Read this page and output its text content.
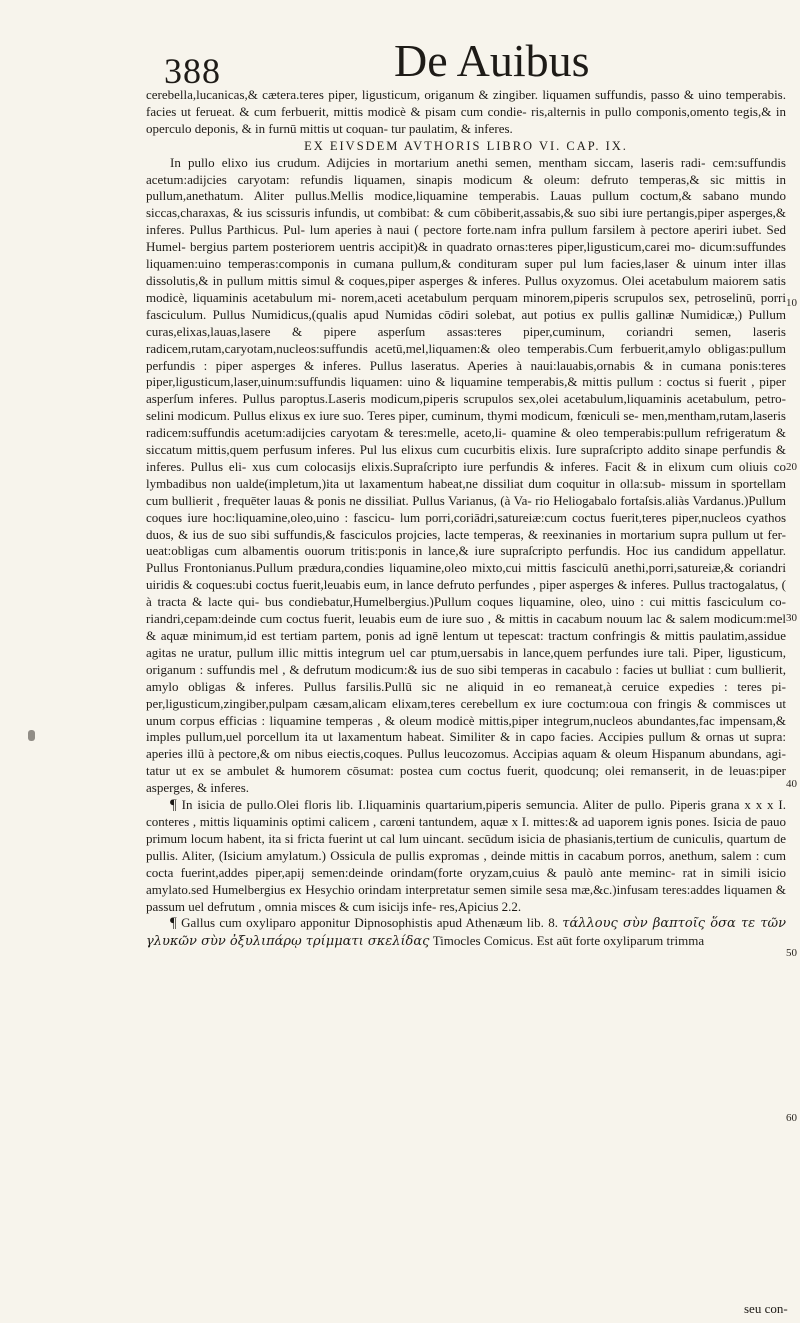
388	De Auibus

cerebella,lucanicas,& cætera.teres piper, ligusticum, origanum & zingiber. liquamen suffundis, passo & uino temperabis. facies ut ferueat. & cum ferbuerit, mittis modicè & pisam cum condie- ris,alternis in pullo componis,omento tegis,& in operculo deponis, & in furnū mittis ut coquan- tur paulatim, & inferes.

EX EIVSDEM AVTHORIS LIBRO VI. CAP. IX.

In pullo elixo ius crudum. Adijcies in mortarium anethi semen, mentham siccam, laseris radi- cem:suffundis acetum:adijcies caryotam: refundis liquamen, sinapis modicum & oleum: defruto temperas,& sic mittis in pullum,anethatum. Aliter pullus.Mellis modice,liquamine temperabis. Lauas pullum coctum,& sabano mundo siccas,charaxas, & ius scissuris infundis, ut combibat: & cum cōbiberit,assabis,& suo sibi iure pertangis,piper asperges,& inferes. Pullus Parthicus. Pul- lum aperies à naui ( pectore forte.nam infra pullum farsilem à pectore aperiri iubet. Sed Humel- bergius partem posteriorem uentris accipit)& in quadrato ornas:teres piper,ligusticum,carei mo- dicum:suffundes liquamen:uino temperas:componis in cumana pullum,& condituram super pul lum facies,laser & uinum inter illas dissolutis,& in pullum mittis simul & coques,piper asperges & inferes. Pullus oxyzomus. Olei acetabulum maiorem satis modicè, liquaminis acetabulum mi- norem,aceti acetabulum perquam minorem,piperis scrupulos sex, petroselinū, porri fasciculum. Pullus Numidicus,(qualis apud Numidas cōdiri solebat, aut potius ex pullis gallinæ Numidicæ,) Pullum curas,elixas,lauas,lasere & pipere asperſum assas:teres piper,cuminum, coriandri semen, laseris radicem,rutam,caryotam,nucleos:suffundis acetū,mel,liquamen:& oleo temperabis.Cum ferbuerit,amylo obligas:pullum perfundis : piper asperges & inferes. Pullus laseratus. Aperies à naui:lauabis,ornabis & in cumana ponis:teres piper,ligusticum,laser,uinum:suffundis liquamen: uino & liquamine temperabis,& mittis pullum : coctus si fuerit , piper asperſum inferes. Pullus paroptus.Laseris modicum,piperis scrupulos sex,olei acetabulum,liquaminis acetabulum, petro- selini modicum. Pullus elixus ex iure suo. Teres piper, cuminum, thymi modicum, fœniculi se- men,mentham,rutam,laseris radicem:suffundis acetum:adijcies caryotam & teres:melle, aceto,li- quamine & oleo temperabis:pullum refrigeratum & siccatum mittis,quem perfusum inferes. Pul lus elixus cum cucurbitis elixis. Iure supraſcripto addito sinape perfundis & inferes. Pullus eli- xus cum colocasijs elixis.Supraſcripto iure perfundis & inferes. Facit & in elixum cum oliuis co lymbadibus non ualde(impletum,)ita ut laxamentum habeat,ne dissiliat dum coquitur in olla:sub- missum in sportellam cum bullierit , frequēter lauas & ponis ne dissiliat. Pullus Varianus, (à Va- rio Heliogabalo fortaſsis.aliàs Vardanus.)Pullum coques iure hoc:liquamine,oleo,uino : fascicu- lum porri,coriādri,satureiæ:cum coctus fuerit,teres piper,nucleos cyathos duos, & ius de suo sibi suffundis,& fasciculos projcies, lacte temperas, & reexinanies in mortarium supra pullum ut fer- ueat:obligas cum albamentis ouorum tritis:ponis in lance,& iure supraſcripto perfundis. Hoc ius candidum appellatur. Pullus Frontonianus.Pullum prædura,condies liquamine,oleo mixto,cui mittis fasciculū anethi,porri,satureiæ,& coriandri uiridis & coques:ubi coctus fuerit,leuabis eum, in lance defruto perfundes , piper asperges & inferes. Pullus tractogalatus, ( à tracta & lacte qui- bus condiebatur,Humelbergius.)Pullum coques liquamine, oleo, uino : cui mittis fasciculum co- riandri,cepam:deinde cum coctus fuerit, leuabis eum de iure suo , & mittis in cacabum nouum lac & salem modicum:mel & aquæ minimum,id est tertiam partem, ponis ad ignē lentum ut tepescat: tractum confringis & mittis paulatim,assidue agitas ne uratur, pullum illic mittis integrum uel car ptum,uersabis in lance,quem perfundes iure tali. Piper, ligusticum, origanum : suffundis mel , & defrutum modicum:& ius de suo sibi temperas in cacabulo : facies ut bulliat : cum bullierit, amylo obligas & inferes. Pullus farsilis.Pullū sic ne aliquid in eo remaneat,à ceruice expedies : teres pi- per,ligusticum,zingiber,pulpam cæsam,alicam elixam,teres cerebellum ex iure coctum:oua con fringis & commisces ut unum corpus efficias : liquamine temperas , & oleum modicè mittis,piper integrum,nucleos abundantes,fac impensam,& imples pullum,uel porcellum ita ut laxamentum habeat. Similiter & in capo facies. Accipies pullum & ornas ut supra: aperies illū à pectore,& om nibus eiectis,coques. Pullus leucozomus. Accipias aquam & oleum Hispanum abundans, agi- tatur ut ex se ambulet & humorem cōsumat: postea cum coctus fuerit, quodcunq; olei remanserit, in de leuas:piper asperges, & inferes.

¶ In isicia de pullo.Olei floris lib. I.liquaminis quartarium,piperis semuncia. Aliter de pullo. Piperis grana x x x I. conteres , mittis liquaminis optimi calicem , carœni tantundem, aquæ x I. mittes:& ad uaporem ignis pones. Isicia de pauo primum locum habent, ita si fricta fuerint ut cal lum uincant. secūdum isicia de phasianis,tertium de cuniculis, quartum de pullis. Aliter, (Isicium amylatum.) Ossicula de pullis expromas , deinde mittis in cacabum porros, anethum, salem : cum cocta fuerint,addes piper,apij semen:deinde orindam(forte oryzam,cuius & paulò ante meminc- rat in simili isicio amylato.sed Humelbergius ex Hesychio orindam interpretatur semen simile sesa mæ,&c.)infusam teres:addes liquamen & passum uel defrutum , omnia misces & cum isicijs infe- res,Apicius 2.2.

¶ Gallus cum oxyliparo apponitur Dipnosophistis apud Athenæum lib. 8. τάλλους σὺν βαπτοῖς ὅσα τε τῶν γλυκῶν σὺν ὀξυλιπάρῳ τρίμματι σκελίδας Timocles Comicus. Est aūt forte oxyliparum trimma

10
20
30
40
50
60
seu con-
